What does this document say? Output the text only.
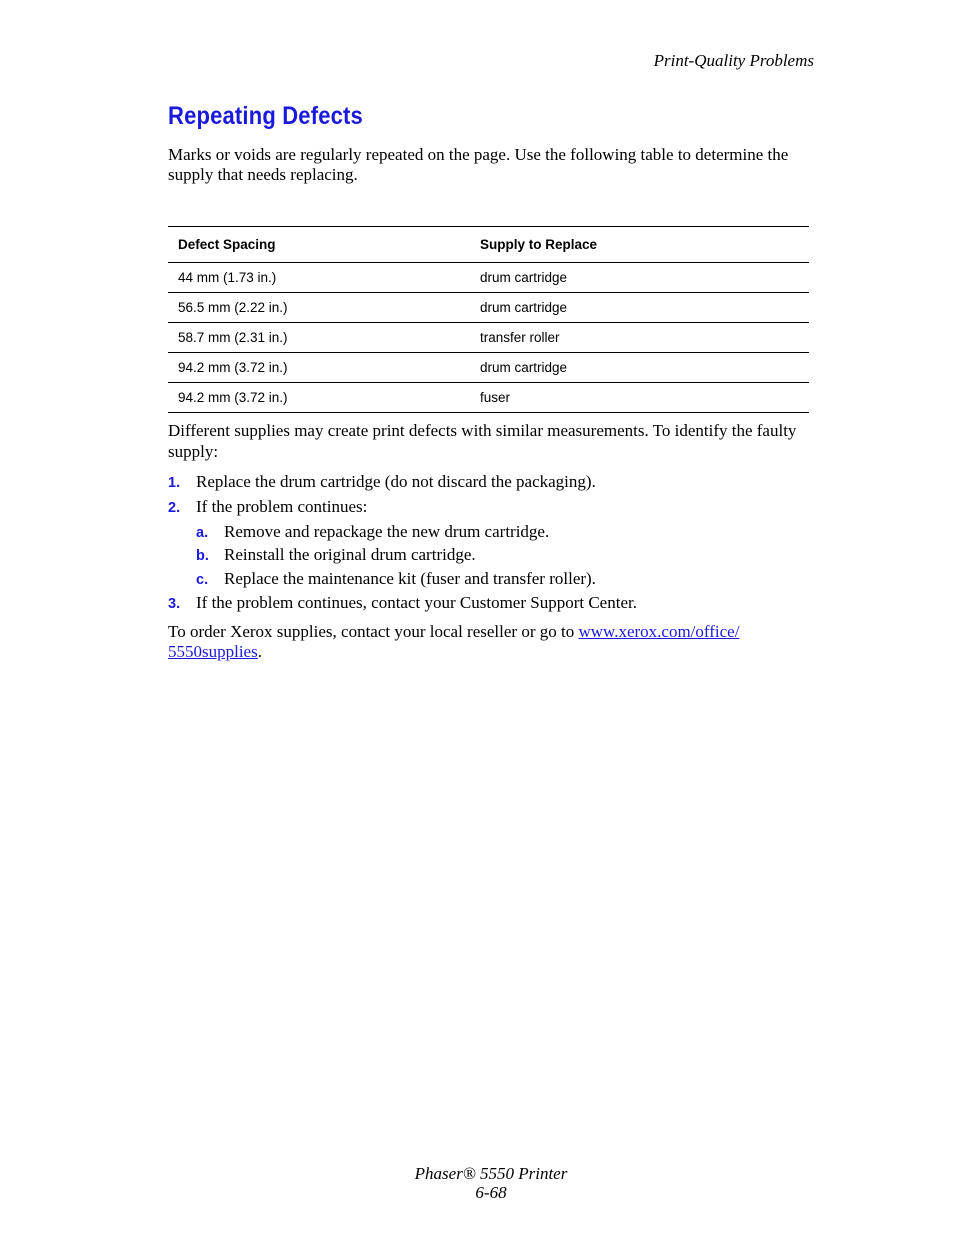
Print-Quality Problems
Repeating Defects

Marks or voids are regularly repeated on the page. Use the following table to determine the supply that needs replacing.

Defect Spacing	Supply to Replace
44 mm (1.73 in.)	drum cartridge
56.5 mm (2.22 in.)	drum cartridge
58.7 mm (2.31 in.)	transfer roller
94.2 mm (3.72 in.)	drum cartridge
94.2 mm (3.72 in.)	fuser

Different supplies may create print defects with similar measurements. To identify the faulty supply:

1. Replace the drum cartridge (do not discard the packaging).
2. If the problem continues:
a. Remove and repackage the new drum cartridge.
b. Reinstall the original drum cartridge.
c. Replace the maintenance kit (fuser and transfer roller).
3. If the problem continues, contact your Customer Support Center.

To order Xerox supplies, contact your local reseller or go to www.xerox.com/office/
5550supplies.

Phaser® 5550 Printer
6-68
